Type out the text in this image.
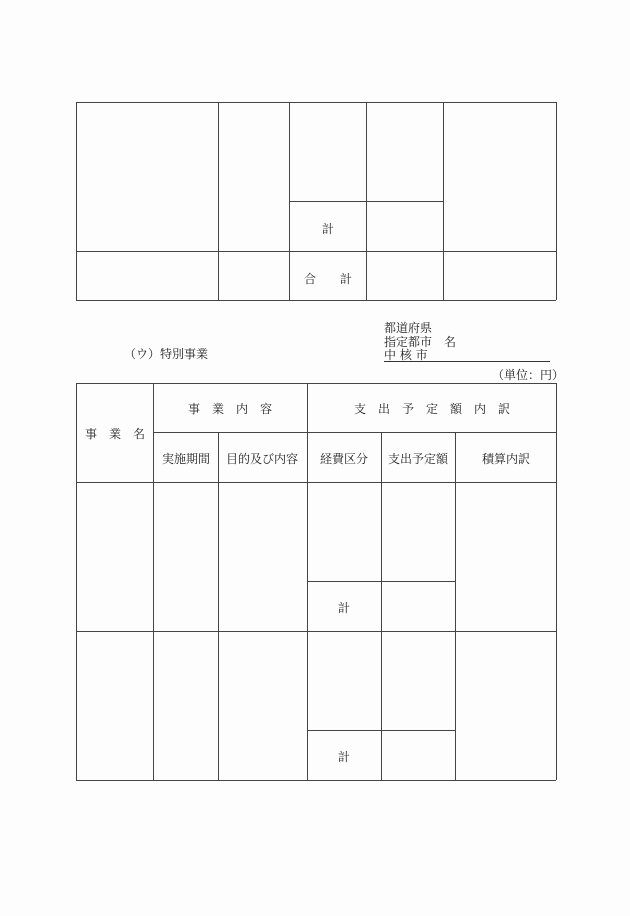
計
合　　計
（ウ） 特別事業
都道府県
指定都市　名
中 核 市
（単位：円）
事　業　名
事　業　内　容	支　出　予　定　額　内　訳
実施期間 目的及び内容 経費区分 支出予定額	積算内訳
計
計
